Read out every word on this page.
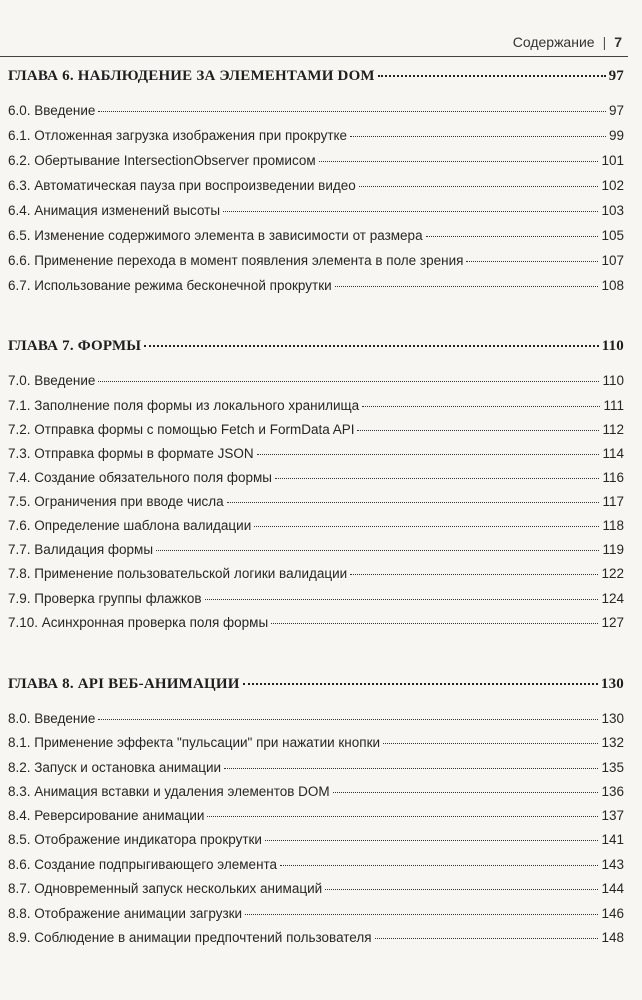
Содержание | 7
ГЛАВА 6. НАБЛЮДЕНИЕ ЗА ЭЛЕМЕНТАМИ DOM	97
6.0. Введение	97
6.1. Отложенная загрузка изображения при прокрутке	99
6.2. Обертывание IntersectionObserver промисом	101
6.3. Автоматическая пауза при воспроизведении видео	102
6.4. Анимация изменений высоты	103
6.5. Изменение содержимого элемента в зависимости от размера	105
6.6. Применение перехода в момент появления элемента в поле зрения	107
6.7. Использование режима бесконечной прокрутки	108
ГЛАВА 7. ФОРМЫ	110
7.0. Введение	110
7.1. Заполнение поля формы из локального хранилища	111
7.2. Отправка формы с помощью Fetch и FormData API	112
7.3. Отправка формы в формате JSON	114
7.4. Создание обязательного поля формы	116
7.5. Ограничения при вводе числа	117
7.6. Определение шаблона валидации	118
7.7. Валидация формы	119
7.8. Применение пользовательской логики валидации	122
7.9. Проверка группы флажков	124
7.10. Асинхронная проверка поля формы	127
ГЛАВА 8. API ВЕБ-АНИМАЦИИ	130
8.0. Введение	130
8.1. Применение эффекта "пульсации" при нажатии кнопки	132
8.2. Запуск и остановка анимации	135
8.3. Анимация вставки и удаления элементов DOM	136
8.4. Реверсирование анимации	137
8.5. Отображение индикатора прокрутки	141
8.6. Создание подпрыгивающего элемента	143
8.7. Одновременный запуск нескольких анимаций	144
8.8. Отображение анимации загрузки	146
8.9. Соблюдение в анимации предпочтений пользователя	148
